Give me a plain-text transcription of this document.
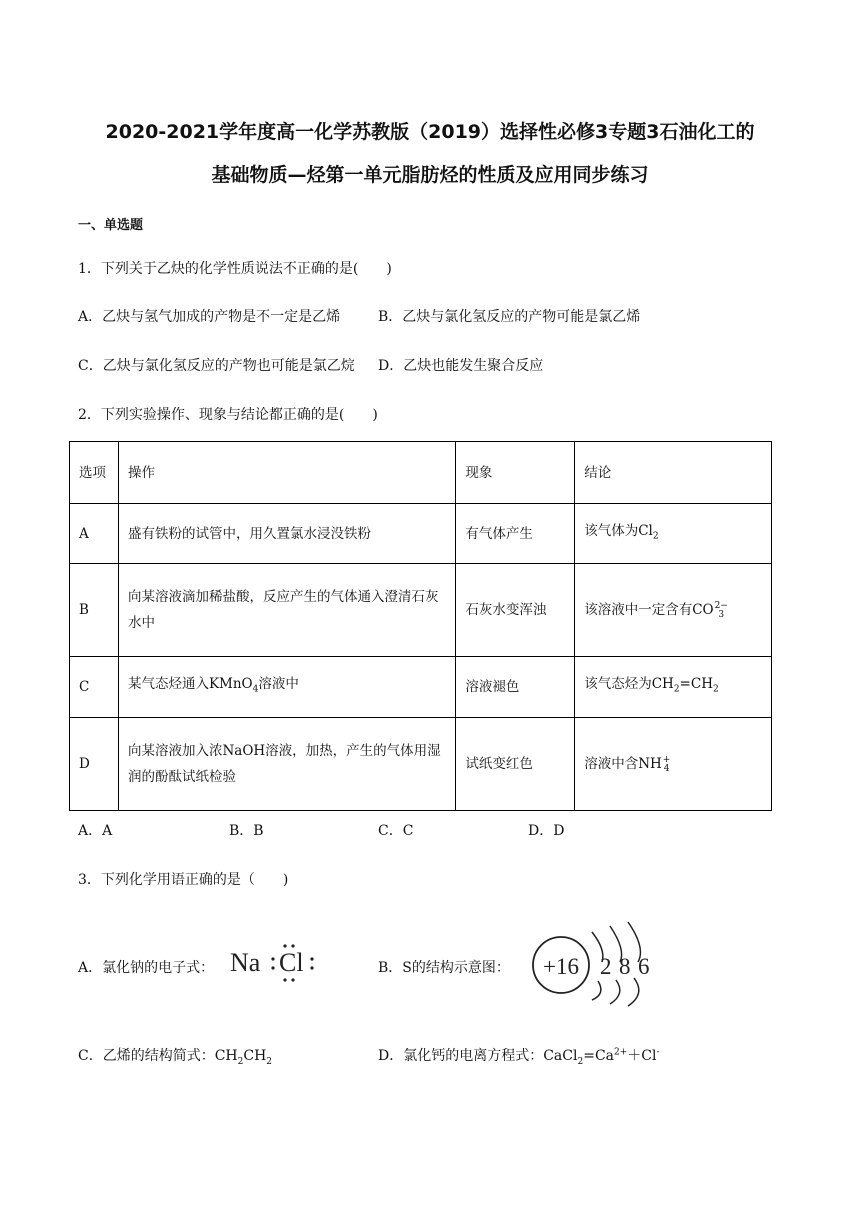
2020-2021学年度高一化学苏教版（2019）选择性必修3专题3石油化工的
基础物质—烃第一单元脂肪烃的性质及应用同步练习
一、单选题
1．下列关于乙炔的化学性质说法不正确的是(　　)
A．乙炔与氢气加成的产物是不一定是乙烯	B．乙炔与氯化氢反应的产物可能是氯乙烯
C．乙炔与氯化氢反应的产物也可能是氯乙烷 D．乙炔也能发生聚合反应
2．下列实验操作、现象与结论都正确的是(　　)
选项	操作	现象	结论
A	盛有铁粉的试管中，用久置氯水浸没铁粉	有气体产生	该气体为$Cl_2$
B	向某溶液滴加稀盐酸，反应产生的气体通入澄清石灰水中	石灰水变浑浊	该溶液中一定含有CO2−
3
C	某气态烃通入KMnO$_4$溶液中	溶液褪色	该气态烃为$CH_2=CH_2$
D	向某溶液加入浓NaOH溶液，加热，产生的气体用湿润的酚酞试纸检验	试纸变红色	溶液中含NH+
4
A．A	B．B	C．C	D．D
3．下列化学用语正确的是（　　)
A．氯化钠的电子式： Na Cl	B．S的结构示意图： +16 2 8 6
C．乙烯的结构简式：$CH_2CH_2$	D．氯化钙的电离方程式：$CaCl_2=Ca^{2+}+Cl^-$
